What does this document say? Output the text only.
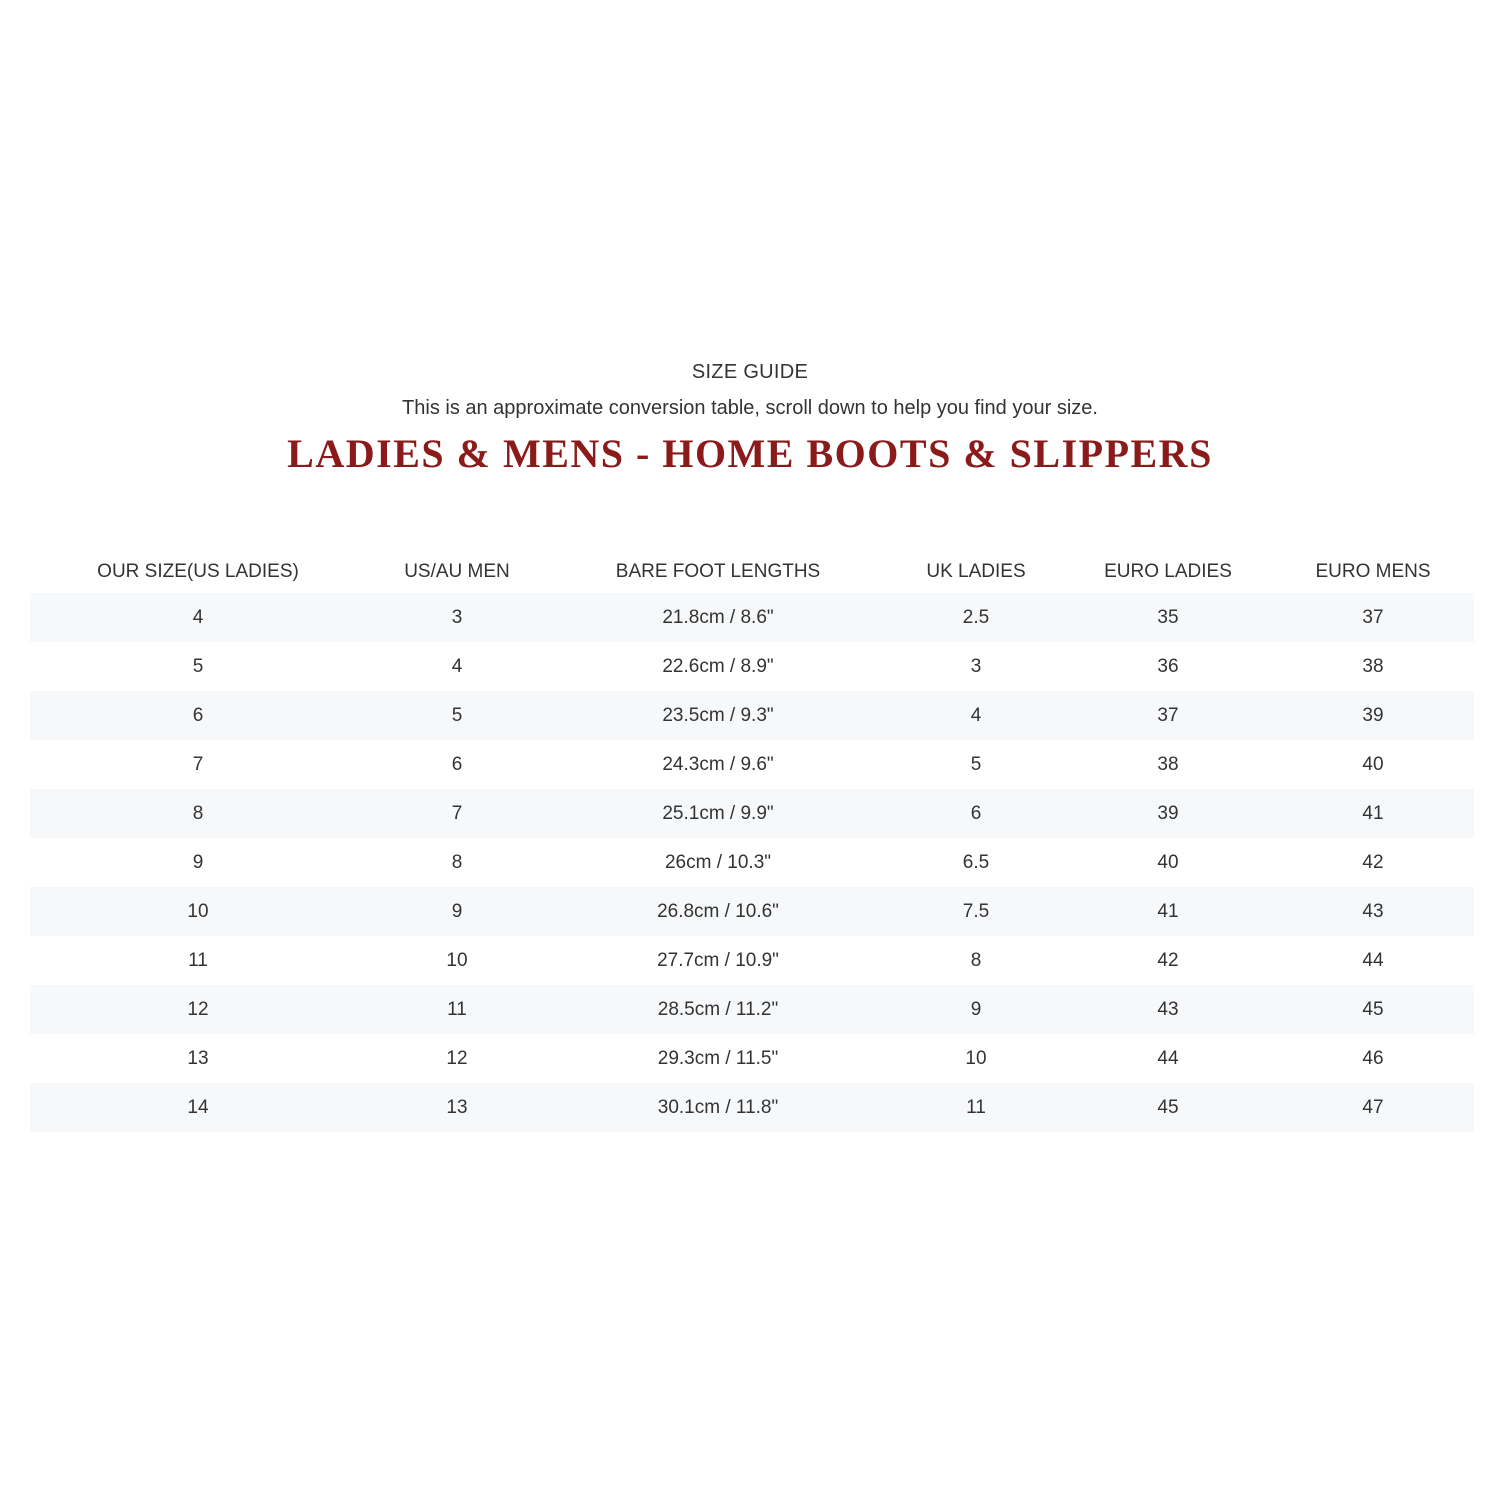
SIZE GUIDE
This is an approximate conversion table, scroll down to help you find your size.
LADIES & MENS - HOME BOOTS & SLIPPERS
OUR SIZE(US LADIES)	US/AU MEN	BARE FOOT LENGTHS	UK LADIES	EURO LADIES	EURO MENS
4	3	21.8cm / 8.6"	2.5	35	37
5	4	22.6cm / 8.9"	3	36	38
6	5	23.5cm / 9.3"	4	37	39
7	6	24.3cm / 9.6"	5	38	40
8	7	25.1cm / 9.9"	6	39	41
9	8	26cm / 10.3"	6.5	40	42
10	9	26.8cm / 10.6"	7.5	41	43
11	10	27.7cm / 10.9"	8	42	44
12	11	28.5cm / 11.2"	9	43	45
13	12	29.3cm / 11.5"	10	44	46
14	13	30.1cm / 11.8"	11	45	47
